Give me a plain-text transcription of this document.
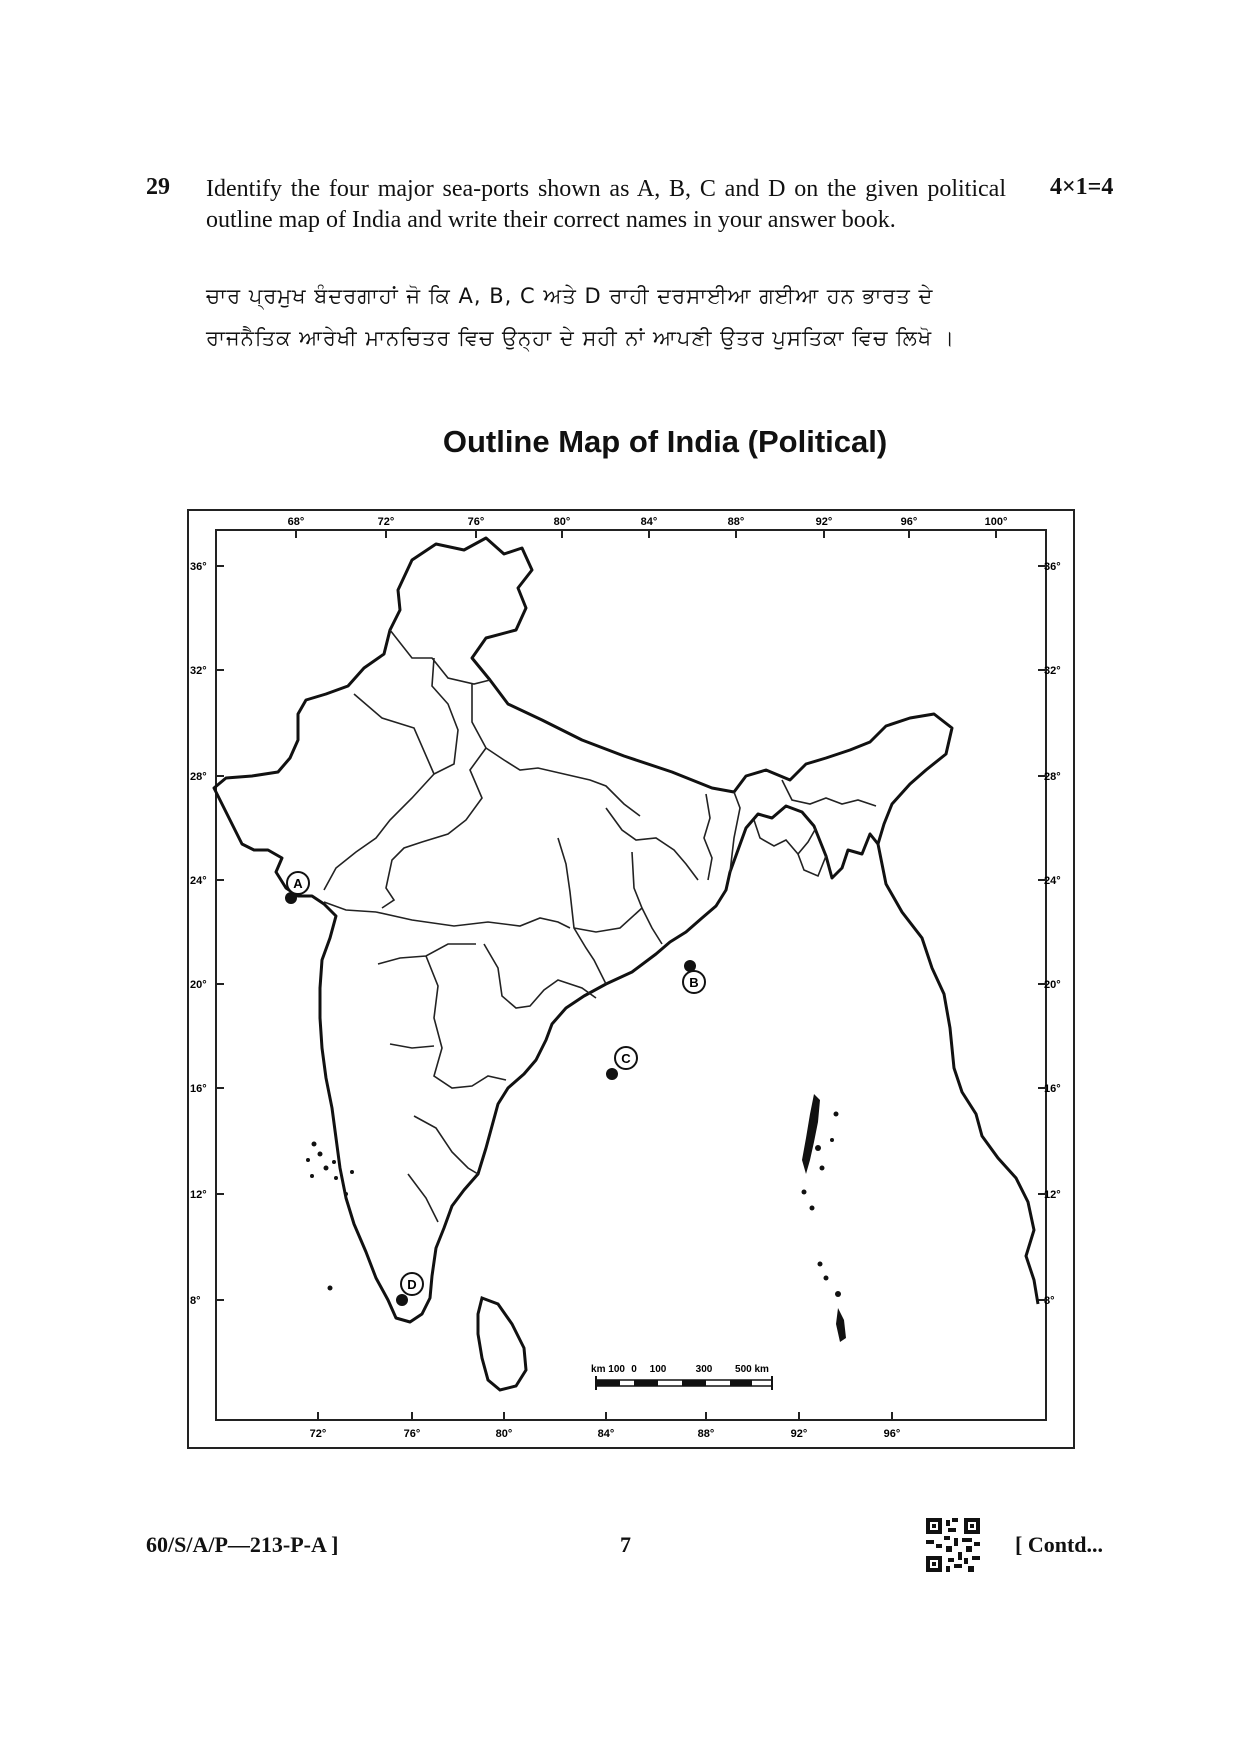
29 Identify the four major sea-ports shown as A, B, C and D on the given political outline map of India and write their correct names in your answer book.
4×1=4
ਚਾਰ ਪ੍ਰਮੁਖ ਬੰਦਰਗਾਹਾਂ ਜੋ ਕਿ A, B, C ਅਤੇ D ਰਾਹੀ ਦਰਸਾਈਆ ਗਈਆ ਹਨ ਭਾਰਤ ਦੇ
ਰਾਜਨੈਤਿਕ ਆਰੇਖੀ ਮਾਨਚਿਤਰ ਵਿਚ ਉਨ੍ਹਾ ਦੇ ਸਹੀ ਨਾਂ ਆਪਣੀ ਉਤਰ ਪੁਸਤਿਕਾ ਵਿਚ ਲਿਖੋ ।
Outline Map of India (Political)
68°	72°	76°	80°	84°	88°	92°	96°	100°
72°	76°	80°	84°	88°	92°	96°
36°
32°
28°
24°
20°
16°
12°
8°
36°
32°
28°
24°
20°
16°
12°
8°
A
B
C
D
km 100 0 100	300 500 km
60/S/A/P—213-P-A ]	7	[ Contd...
